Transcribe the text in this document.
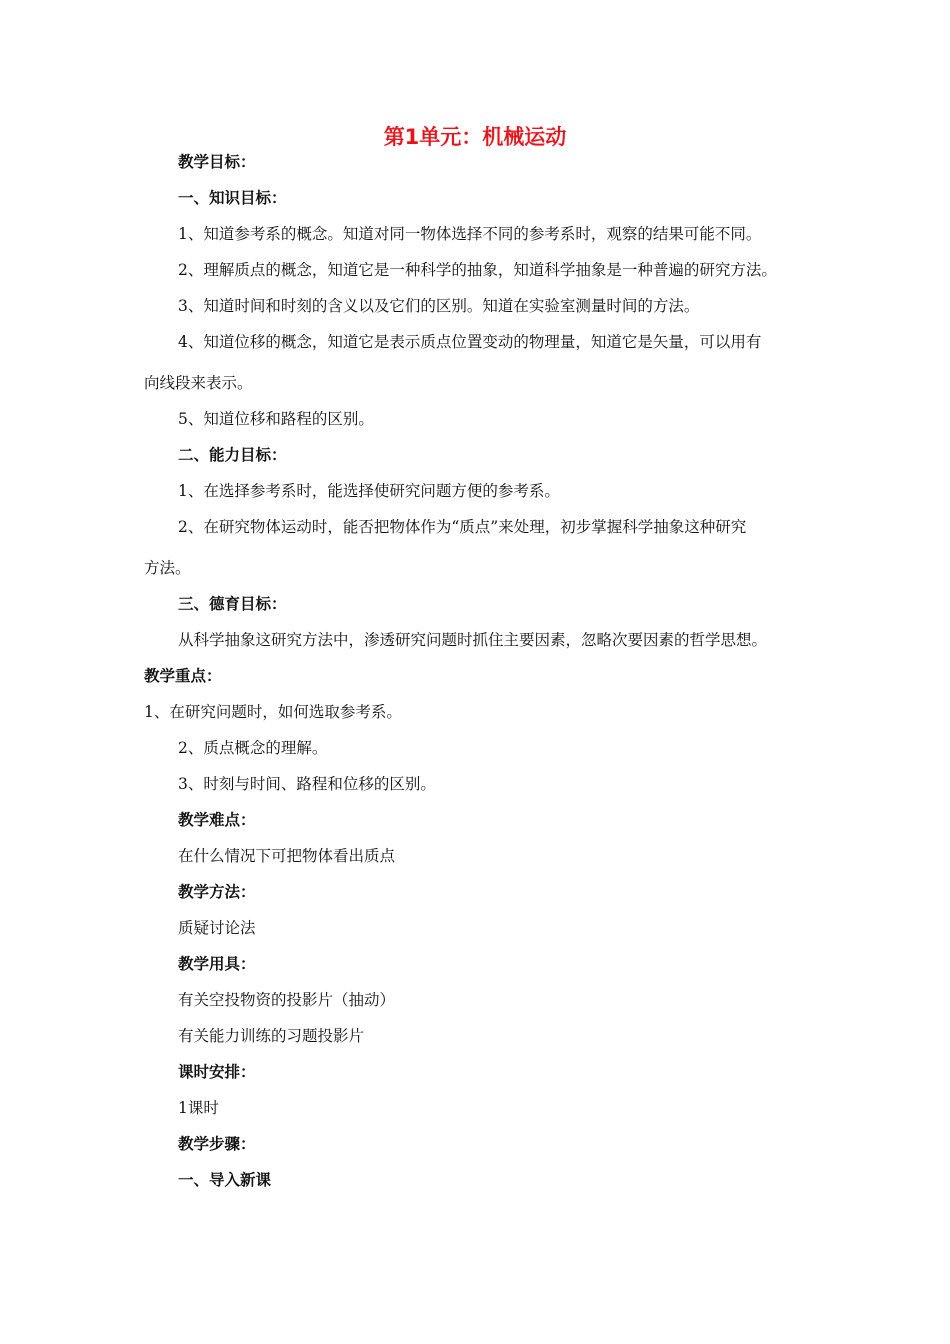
第1单元：机械运动
教学目标：
一、知识目标：
1、知道参考系的概念。知道对同一物体选择不同的参考系时，观察的结果可能不同。
2、理解质点的概念，知道它是一种科学的抽象，知道科学抽象是一种普遍的研究方法。
3、知道时间和时刻的含义以及它们的区别。知道在实验室测量时间的方法。
4、知道位移的概念，知道它是表示质点位置变动的物理量，知道它是矢量，可以用有
向线段来表示。
5、知道位移和路程的区别。
二、能力目标：
1、在选择参考系时，能选择使研究问题方便的参考系。
2、在研究物体运动时，能否把物体作为“质点”来处理，初步掌握科学抽象这种研究
方法。
三、德育目标：
从科学抽象这研究方法中，渗透研究问题时抓住主要因素，忽略次要因素的哲学思想。
教学重点：
1、在研究问题时，如何选取参考系。
2、质点概念的理解。
3、时刻与时间、路程和位移的区别。
教学难点：
在什么情况下可把物体看出质点
教学方法：
质疑讨论法
教学用具：
有关空投物资的投影片（抽动）
有关能力训练的习题投影片
课时安排：
1课时
教学步骤：
一、导入新课
